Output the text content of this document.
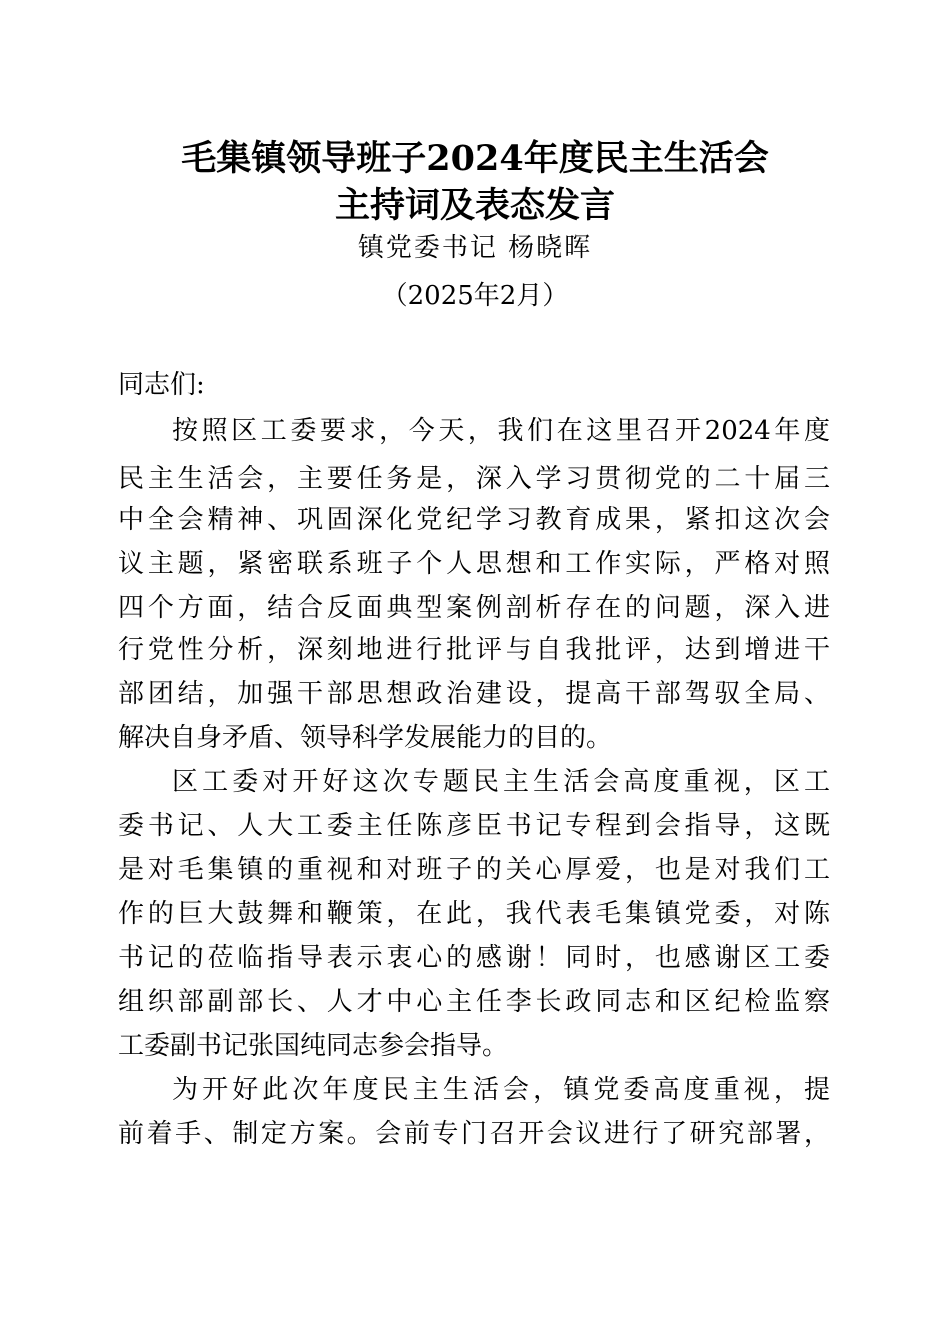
毛集镇领导班子2024年度民主生活会
主持词及表态发言
镇党委书记 杨晓晖
（2025年2月）
同志们:
按照区工委要求，今天，我们在这里召开2024年度
民主生活会，主要任务是，深入学习贯彻党的二十届三
中全会精神、巩固深化党纪学习教育成果，紧扣这次会
议主题，紧密联系班子个人思想和工作实际，严格对照
四个方面，结合反面典型案例剖析存在的问题，深入进
行党性分析，深刻地进行批评与自我批评，达到增进干
部团结，加强干部思想政治建设，提高干部驾驭全局、
解决自身矛盾、领导科学发展能力的目的。
区工委对开好这次专题民主生活会高度重视，区工
委书记、人大工委主任陈彦臣书记专程到会指导，这既
是对毛集镇的重视和对班子的关心厚爱，也是对我们工
作的巨大鼓舞和鞭策，在此，我代表毛集镇党委，对陈
书记的莅临指导表示衷心的感谢！同时，也感谢区工委
组织部副部长、人才中心主任李长政同志和区纪检监察
工委副书记张国纯同志参会指导。
为开好此次年度民主生活会，镇党委高度重视，提
前着手、制定方案。会前专门召开会议进行了研究部署，
